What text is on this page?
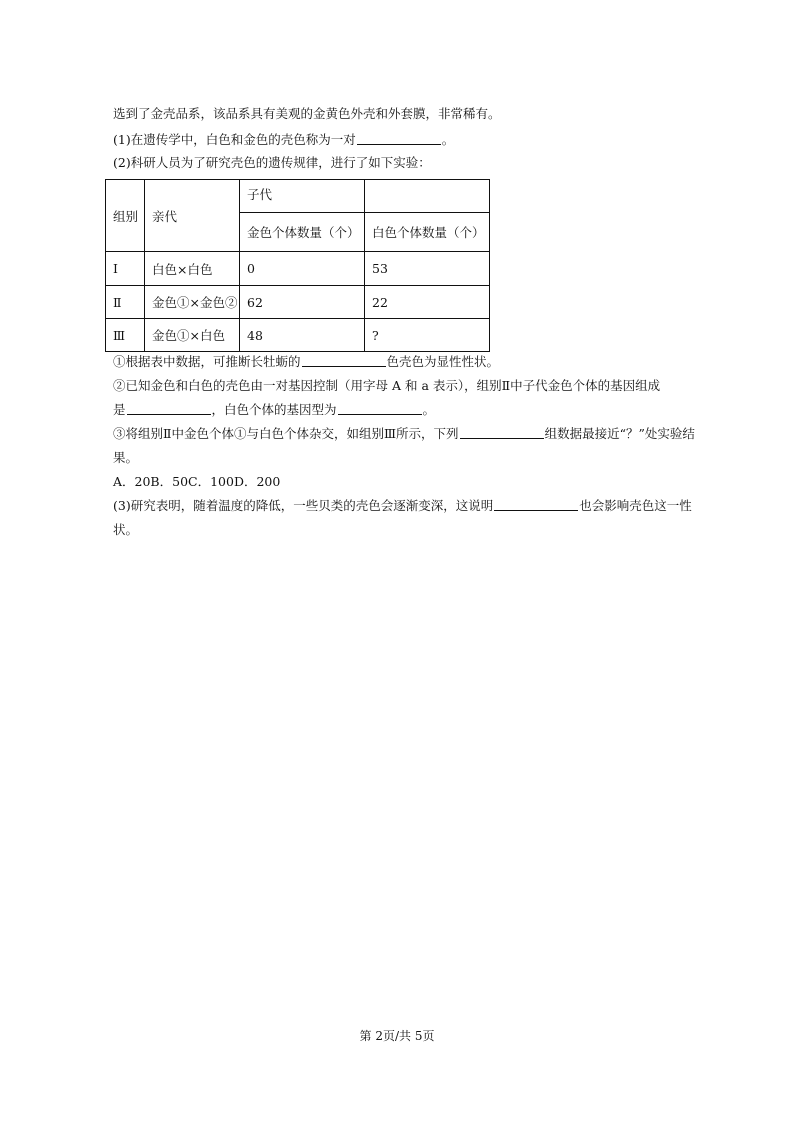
选到了金壳品系，该品系具有美观的金黄色外壳和外套膜，非常稀有。
(1)在遗传学中，白色和金色的壳色称为一对	。
(2)科研人员为了研究壳色的遗传规律，进行了如下实验：
组别	亲代	子代	
		金色个体数量（个）	白色个体数量（个）
Ⅰ	白色×白色	0	53
Ⅱ	金色①×金色②	62	22
Ⅲ	金色①×白色	48	?
①根据表中数据，可推断长牡蛎的	色壳色为显性性状。
②已知金色和白色的壳色由一对基因控制（用字母 A 和 a 表示），组别Ⅱ中子代金色个体的基因组成
是	，白色个体的基因型为	。
③将组别Ⅱ中金色个体①与白色个体杂交，如组别Ⅲ所示，下列	组数据最接近“？”处实验结
果。
A．20B．50C．100D．200
(3)研究表明，随着温度的降低，一些贝类的壳色会逐渐变深，这说明	也会影响壳色这一性
状。
第 2页/共 5页
